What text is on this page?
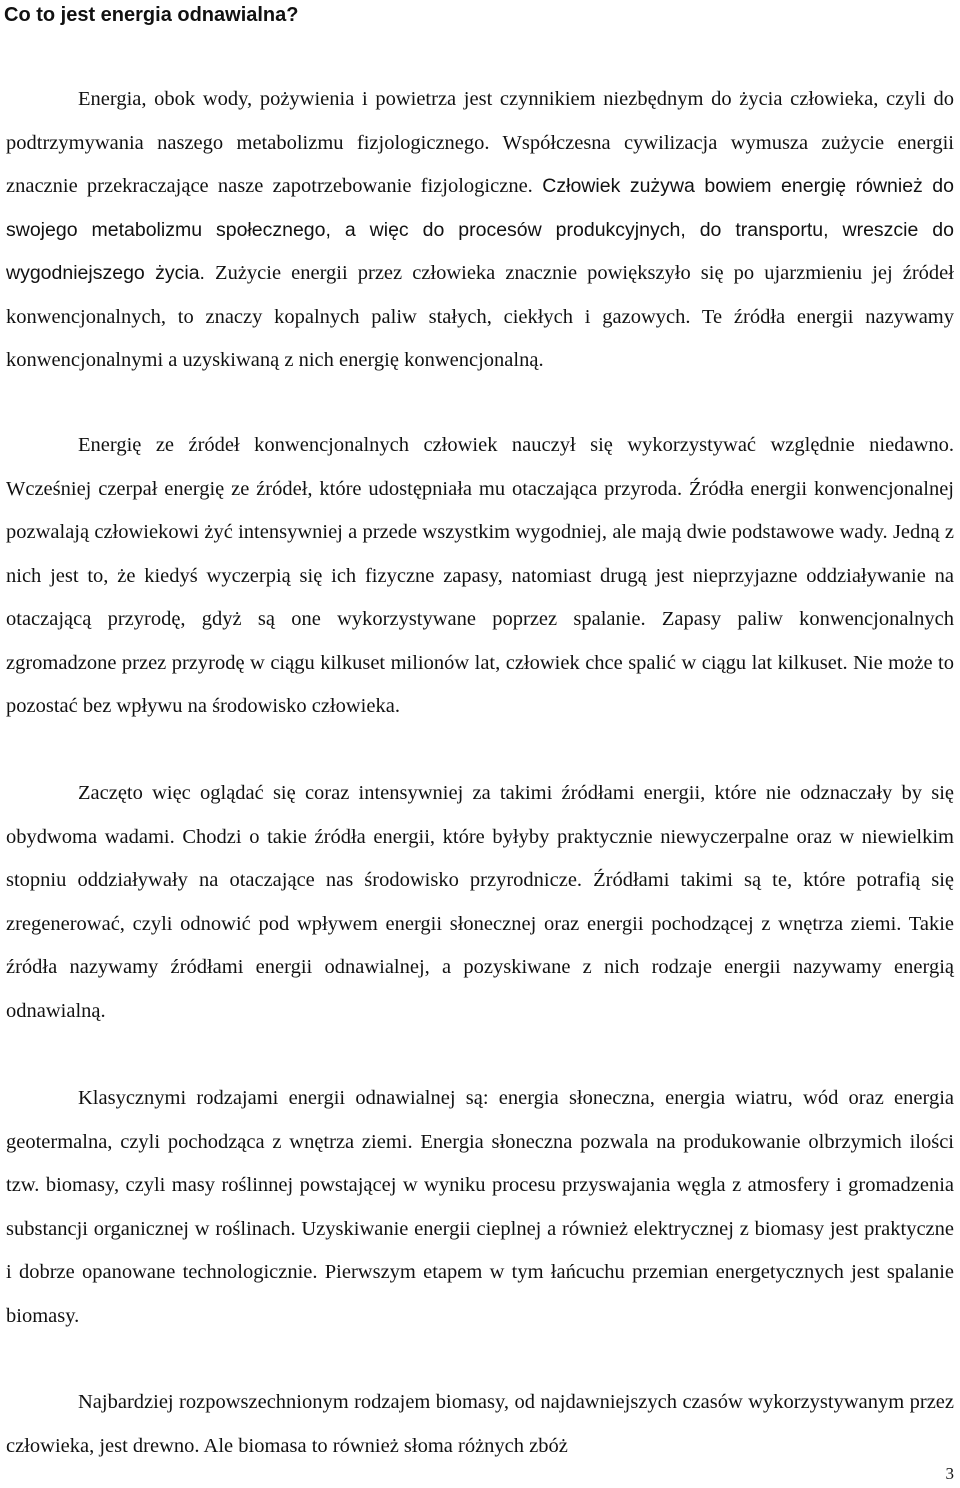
Co to jest energia odnawialna?

Energia, obok wody, pożywienia i powietrza jest czynnikiem niezbędnym do życia człowieka, czyli do podtrzymywania naszego metabolizmu fizjologicznego. Współczesna cywilizacja wymusza zużycie energii znacznie przekraczające nasze zapotrzebowanie fizjologiczne. Człowiek zużywa bowiem energię również do swojego metabolizmu społecznego, a więc do procesów produkcyjnych, do transportu, wreszcie do wygodniejszego życia. Zużycie energii przez człowieka znacznie powiększyło się po ujarzmieniu jej źródeł konwencjonalnych, to znaczy kopalnych paliw stałych, ciekłych i gazowych. Te źródła energii nazywamy konwencjonalnymi a uzyskiwaną z nich energię konwencjonalną.

Energię ze źródeł konwencjonalnych człowiek nauczył się wykorzystywać względnie niedawno. Wcześniej czerpał energię ze źródeł, które udostępniała mu otaczająca przyroda. Źródła energii konwencjonalnej pozwalają człowiekowi żyć intensywniej a przede wszystkim wygodniej, ale mają dwie podstawowe wady. Jedną z nich jest to, że kiedyś wyczerpią się ich fizyczne zapasy, natomiast drugą jest nieprzyjazne oddziaływanie na otaczającą przyrodę, gdyż są one wykorzystywane poprzez spalanie. Zapasy paliw konwencjonalnych zgromadzone przez przyrodę w ciągu kilkuset milionów lat, człowiek chce spalić w ciągu lat kilkuset. Nie może to pozostać bez wpływu na środowisko człowieka.

Zaczęto więc oglądać się coraz intensywniej za takimi źródłami energii, które nie odznaczały by się obydwoma wadami. Chodzi o takie źródła energii, które byłyby praktycznie niewyczerpalne oraz w niewielkim stopniu oddziaływały na otaczające nas środowisko przyrodnicze. Źródłami takimi są te, które potrafią się zregenerować, czyli odnowić pod wpływem energii słonecznej oraz energii pochodzącej z wnętrza ziemi. Takie źródła nazywamy źródłami energii odnawialnej, a pozyskiwane z nich rodzaje energii nazywamy energią odnawialną.

Klasycznymi rodzajami energii odnawialnej są: energia słoneczna, energia wiatru, wód oraz energia geotermalna, czyli pochodząca z wnętrza ziemi. Energia słoneczna pozwala na produkowanie olbrzymich ilości tzw. biomasy, czyli masy roślinnej powstającej w wyniku procesu przyswajania węgla z atmosfery i gromadzenia substancji organicznej w roślinach. Uzyskiwanie energii cieplnej a również elektrycznej z biomasy jest praktyczne i dobrze opanowane technologicznie. Pierwszym etapem w tym łańcuchu przemian energetycznych jest spalanie biomasy.

Najbardziej rozpowszechnionym rodzajem biomasy, od najdawniejszych czasów wykorzystywanym przez człowieka, jest drewno. Ale biomasa to również słoma różnych zbóż

3
